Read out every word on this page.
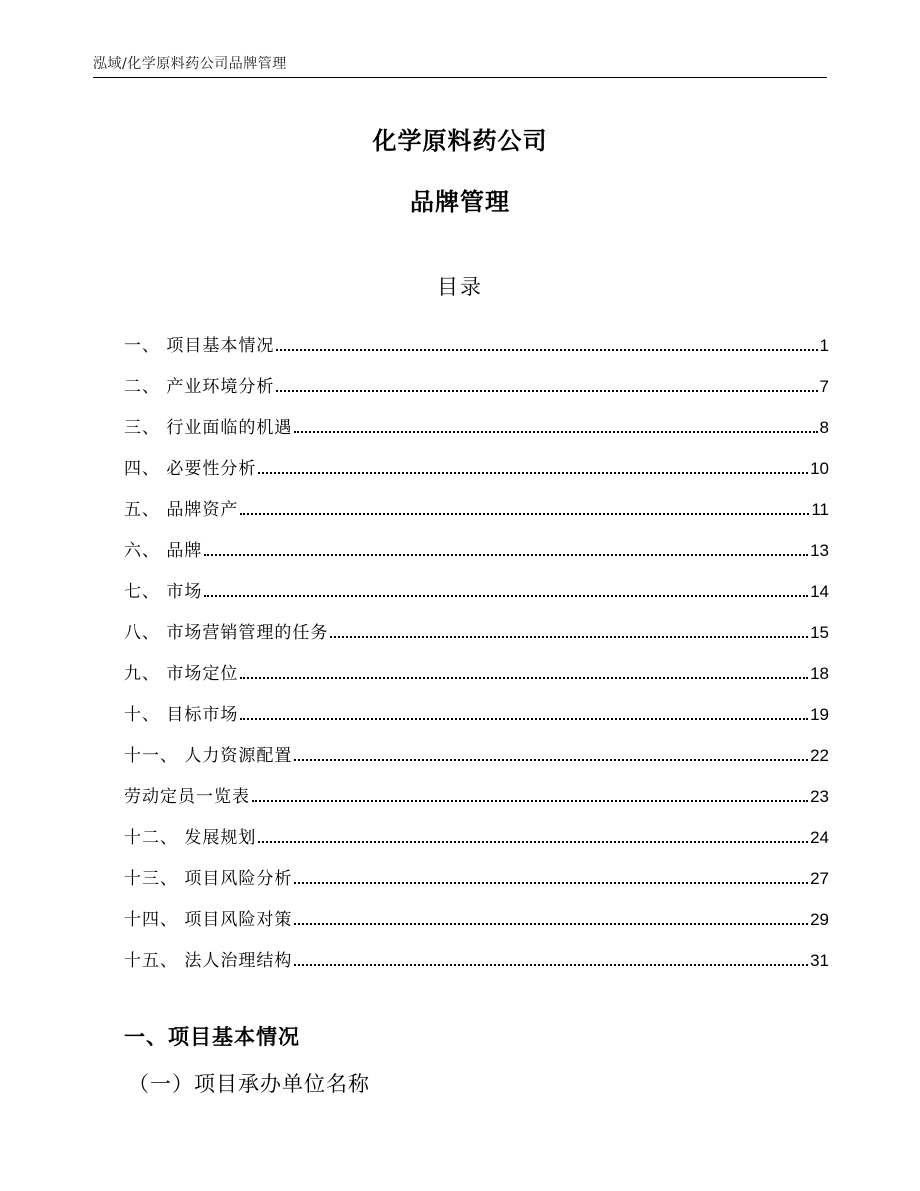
泓域/化学原料药公司品牌管理
化学原料药公司
品牌管理
目录
一、 项目基本情况	1
二、 产业环境分析	7
三、 行业面临的机遇	8
四、 必要性分析	10
五、 品牌资产	11
六、 品牌	13
七、 市场	14
八、 市场营销管理的任务	15
九、 市场定位	18
十、 目标市场	19
十一、 人力资源配置	22
劳动定员一览表	23
十二、 发展规划	24
十三、 项目风险分析	27
十四、 项目风险对策	29
十五、 法人治理结构	31
一、项目基本情况
（一）项目承办单位名称
